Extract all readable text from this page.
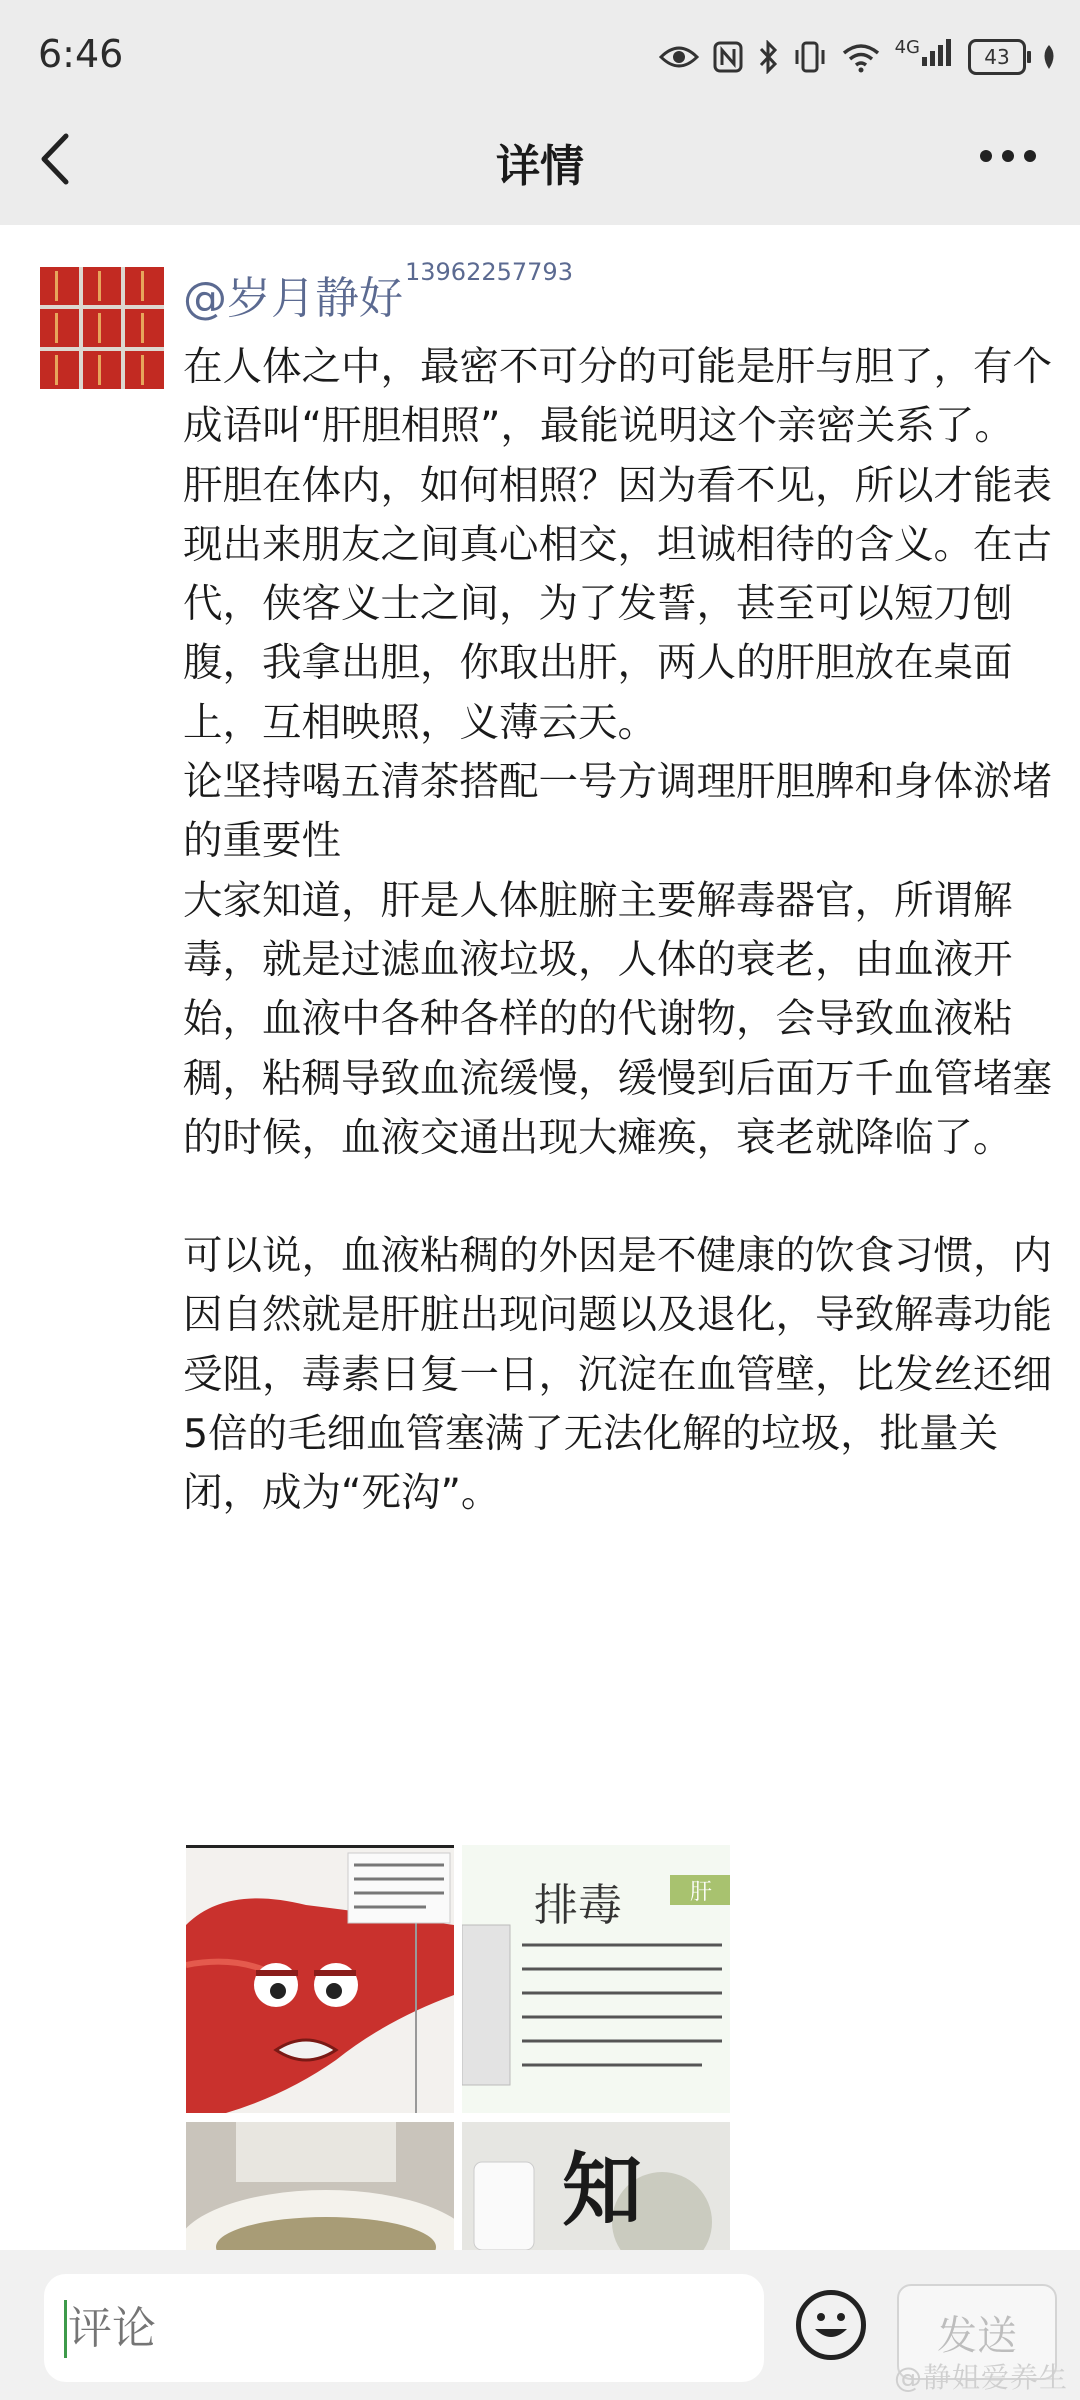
6:46	4G	43
详情
@岁月静好$^{13962257793}$

在人体之中，最密不可分的可能是肝与胆了，有个成语叫“肝胆相照”，最能说明这个亲密关系了。肝胆在体内，如何相照？因为看不见，所以才能表现出来朋友之间真心相交，坦诚相待的含义。在古代，侠客义士之间，为了发誓，甚至可以短刀刨腹，我拿出胆，你取出肝，两人的肝胆放在桌面上，互相映照，义薄云天。

论坚持喝五清茶搭配一号方调理肝胆脾和身体淤堵的重要性

大家知道，肝是人体脏腑主要解毒器官，所谓解毒，就是过滤血液垃圾，人体的衰老，由血液开始，血液中各种各样的的代谢物，会导致血液粘稠，粘稠导致血流缓慢，缓慢到后面万千血管堵塞的时候，血液交通出现大瘫痪，衰老就降临了。

可以说，血液粘稠的外因是不健康的饮食习惯，内因自然就是肝脏出现问题以及退化，导致解毒功能受阻，毒素日复一日，沉淀在血管壁，比发丝还细5倍的毛细血管塞满了无法化解的垃圾，批量关闭，成为“死沟”。

排毒	肝
知
评论
发送
@静姐爱养生
